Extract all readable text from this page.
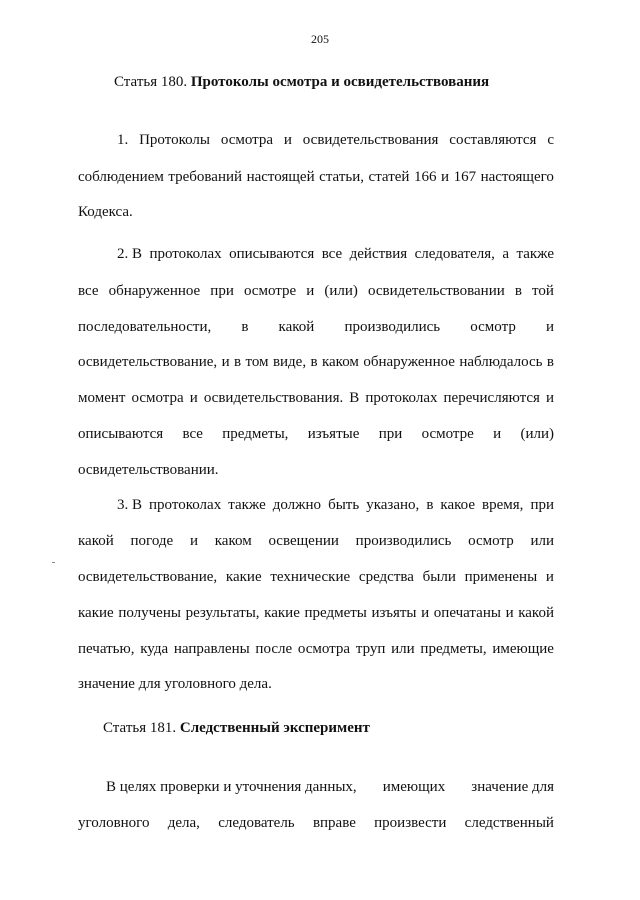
205
Статья 180. Протоколы осмотра и освидетельствования
1. Протоколы осмотра и освидетельствования составляются с
соблюдением требований настоящей статьи, статей 166 и 167 настоящего
Кодекса.
2. В протоколах описываются все действия следователя, а также
все обнаруженное при осмотре и (или) освидетельствовании в той
последовательности, в какой производились осмотр и
освидетельствование, и в том виде, в каком обнаруженное наблюдалось в
момент осмотра и освидетельствования. В протоколах перечисляются и
описываются все предметы, изъятые при осмотре и (или)
освидетельствовании.
3. В протоколах также должно быть указано, в какое время, при
какой погоде и каком освещении производились осмотр или
освидетельствование, какие технические средства были применены и
какие получены результаты, какие предметы изъяты и опечатаны и какой
печатью, куда направлены после осмотра труп или предметы, имеющие
значение для уголовного дела.
Статья 181. Следственный эксперимент
В целях проверки и уточнения данных, имеющих значение для
уголовного дела, следователь вправе произвести следственный
